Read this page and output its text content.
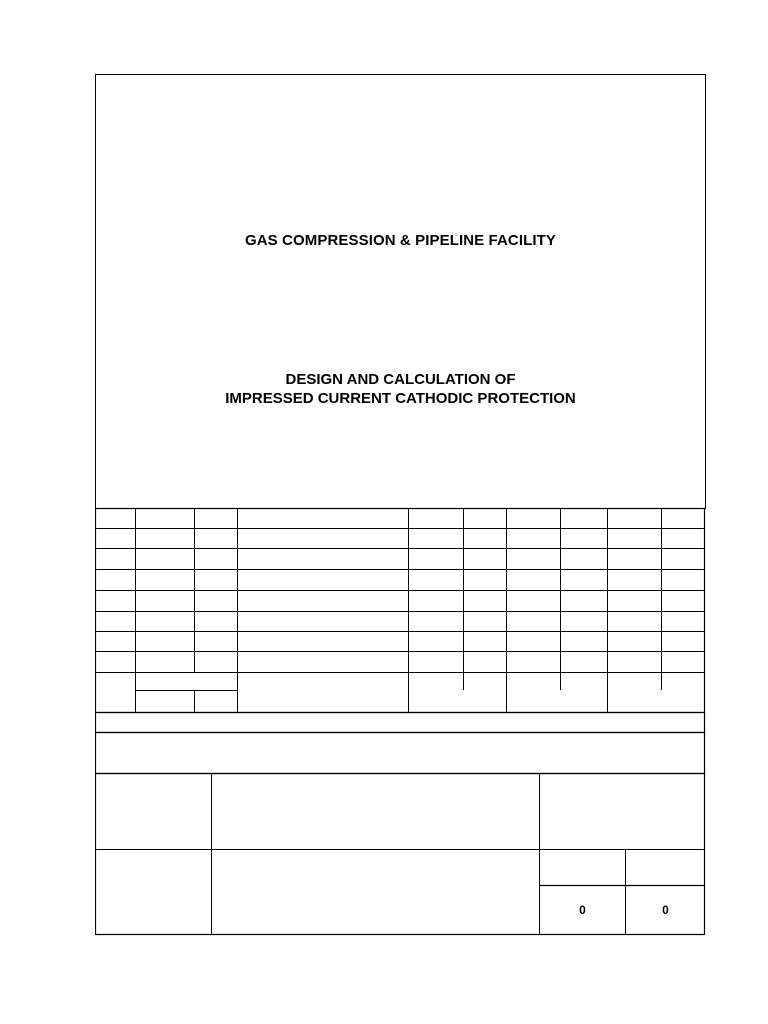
GAS COMPRESSION & PIPELINE FACILITY
DESIGN AND CALCULATION OF
IMPRESSED CURRENT CATHODIC PROTECTION
0	0
